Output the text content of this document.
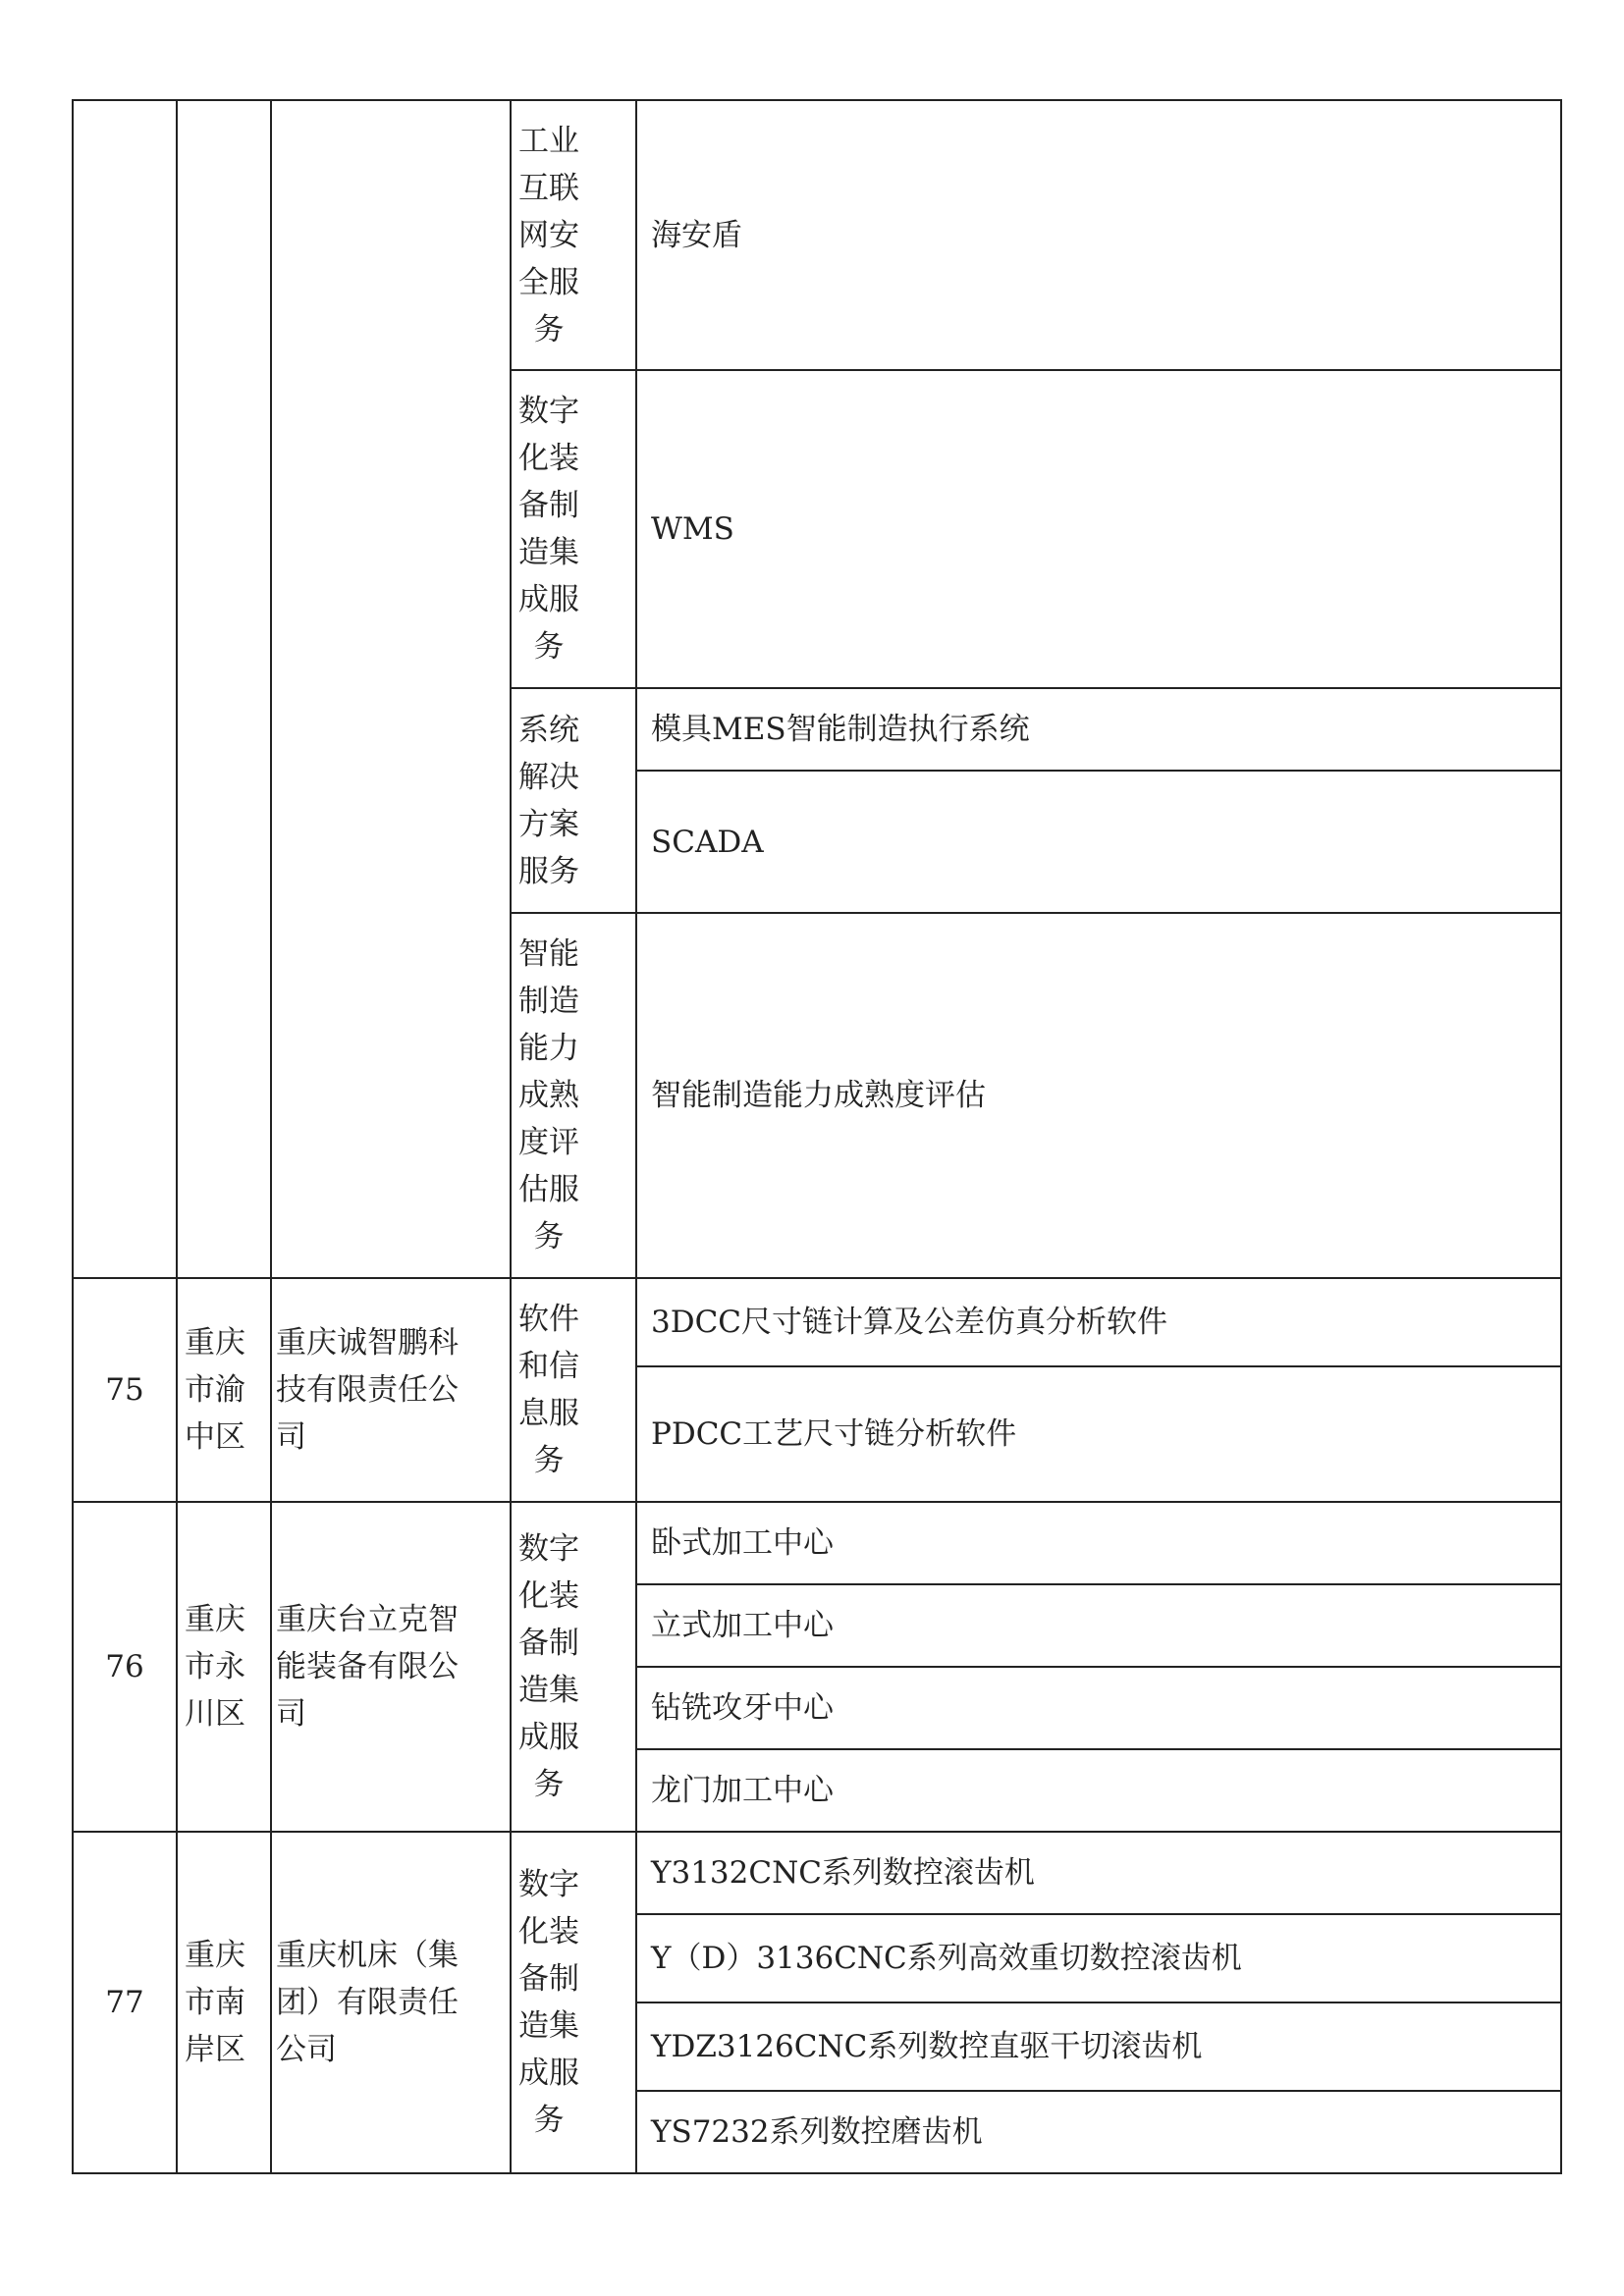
			工业互联网安全服务	海安盾

			数字化装备制造集成服务	WMS

			系统解决方案服务	模具MES智能制造执行系统

				SCADA

			智能制造能力成熟度评估服务	智能制造能力成熟度评估

75	重庆市渝中区	重庆诚智鹏科技有限责任公司	软件和信息服务	3DCC尺寸链计算及公差仿真分析软件

				PDCC工艺尺寸链分析软件

76	重庆市永川区	重庆台立克智能装备有限公司	数字化装备制造集成服务	卧式加工中心

				立式加工中心

				钻铣攻牙中心

				龙门加工中心

77	重庆市南岸区	重庆机床（集团）有限责任公司	数字化装备制造集成服务	Y3132CNC系列数控滚齿机

				Y（D）3136CNC系列高效重切数控滚齿机

				YDZ3126CNC系列数控直驱干切滚齿机

				YS7232系列数控磨齿机
